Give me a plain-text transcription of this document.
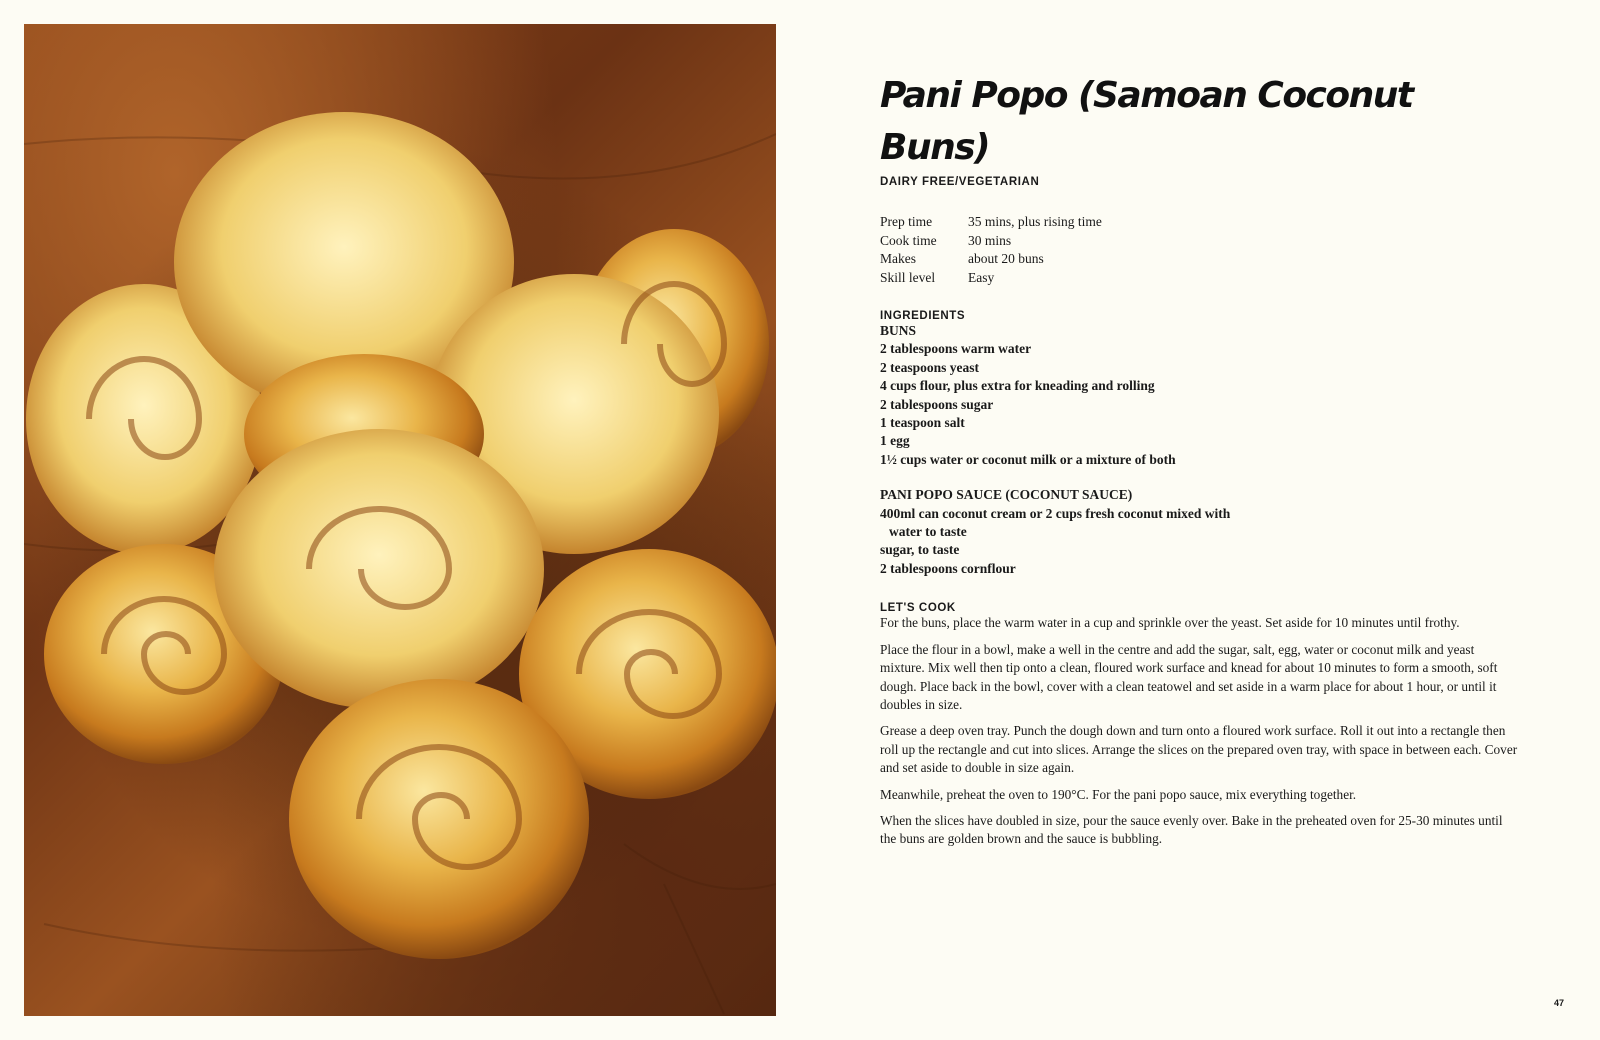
Pani Popo (Samoan Coconut Buns)
DAIRY FREE/VEGETARIAN
Prep time	35 mins, plus rising time
Cook time	30 mins
Makes	about 20 buns
Skill level	Easy
INGREDIENTS
BUNS
2 tablespoons warm water
2 teaspoons yeast
4 cups flour, plus extra for kneading and rolling
2 tablespoons sugar
1 teaspoon salt
1 egg
1½ cups water or coconut milk or a mixture of both
PANI POPO SAUCE (COCONUT SAUCE)
400ml can coconut cream or 2 cups fresh coconut mixed with
water to taste
sugar, to taste
2 tablespoons cornflour
LET'S COOK

For the buns, place the warm water in a cup and sprinkle over the yeast. Set aside for 10 minutes until frothy.

Place the flour in a bowl, make a well in the centre and add the sugar, salt, egg, water or coconut milk and yeast mixture. Mix well then tip onto a clean, floured work surface and knead for about 10 minutes to form a smooth, soft dough. Place back in the bowl, cover with a clean teatowel and set aside in a warm place for about 1 hour, or until it doubles in size.

Grease a deep oven tray. Punch the dough down and turn onto a floured work surface. Roll it out into a rectangle then roll up the rectangle and cut into slices. Arrange the slices on the prepared oven tray, with space in between each. Cover and set aside to double in size again.

Meanwhile, preheat the oven to 190°C. For the pani popo sauce, mix everything together.

When the slices have doubled in size, pour the sauce evenly over. Bake in the preheated oven for 25-30 minutes until the buns are golden brown and the sauce is bubbling.

47
